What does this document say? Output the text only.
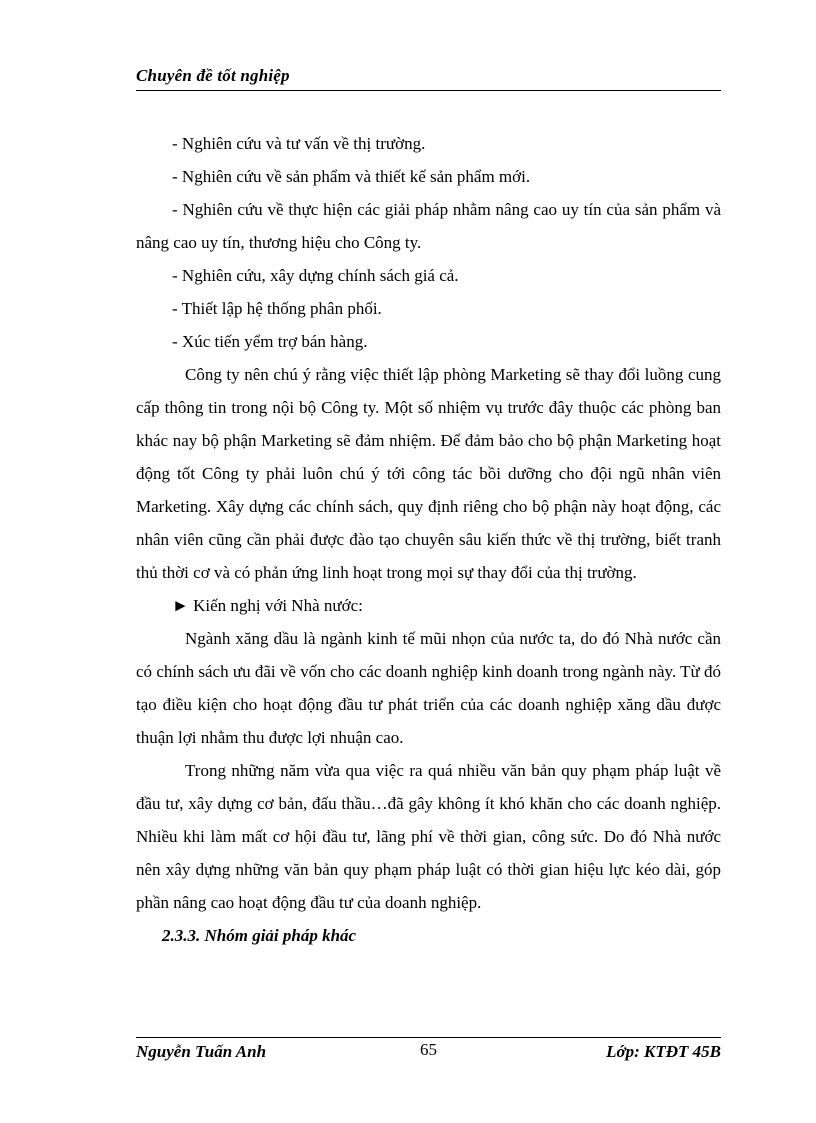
Chuyên đề tốt nghiệp

- Nghiên cứu và tư vấn về thị trường.

- Nghiên cứu về sản phẩm và thiết kế sản phẩm mới.

- Nghiên cứu về thực hiện các giải pháp nhằm nâng cao uy tín của sản phẩm và nâng cao uy tín, thương hiệu cho Công ty.

- Nghiên cứu, xây dựng chính sách giá cả.

- Thiết lập hệ thống phân phối.

- Xúc tiến yểm trợ bán hàng.

Công ty nên chú ý rằng việc thiết lập phòng Marketing sẽ thay đổi luồng cung cấp thông tin trong nội bộ Công ty. Một số nhiệm vụ trước đây thuộc các phòng ban khác nay bộ phận Marketing sẽ đảm nhiệm. Để đảm bảo cho bộ phận Marketing hoạt động tốt Công ty phải luôn chú ý tới công tác bồi dưỡng cho đội ngũ nhân viên Marketing. Xây dựng các chính sách, quy định riêng cho bộ phận này hoạt động, các nhân viên cũng cần phải được đào tạo chuyên sâu kiến thức về thị trường, biết tranh thủ thời cơ và có phản ứng linh hoạt trong mọi sự thay đổi của thị trường.

► Kiến nghị với Nhà nước:

Ngành xăng dầu là ngành kinh tế mũi nhọn của nước ta, do đó Nhà nước cần có chính sách ưu đãi về vốn cho các doanh nghiệp kinh doanh trong ngành này. Từ đó tạo điều kiện cho hoạt động đầu tư phát triển của các doanh nghiệp xăng dầu được thuận lợi nhằm thu được lợi nhuận cao.

Trong những năm vừa qua việc ra quá nhiều văn bản quy phạm pháp luật về đầu tư, xây dựng cơ bản, đấu thầu…đã gây không ít khó khăn cho các doanh nghiệp. Nhiều khi làm mất cơ hội đầu tư, lãng phí về thời gian, công sức. Do đó Nhà nước nên xây dựng những văn bản quy phạm pháp luật có thời gian hiệu lực kéo dài, góp phần nâng cao hoạt động đầu tư của doanh nghiệp.

2.3.3. Nhóm giải pháp khác

Nguyễn Tuấn Anh	65	Lớp: KTĐT 45B
